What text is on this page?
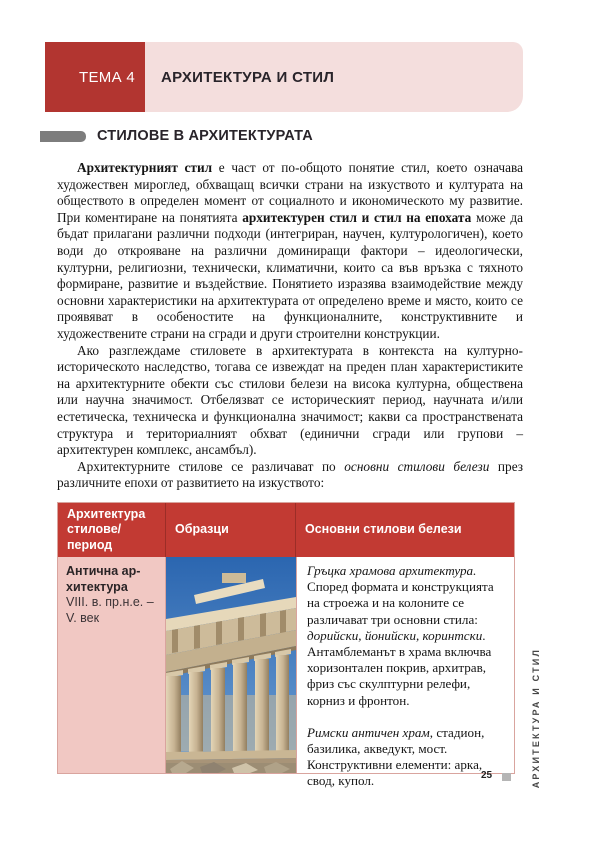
ТЕМА 4 АРХИТЕКТУРА И СТИЛ
СТИЛОВЕ В АРХИТЕКТУРАТА

Архитектурният стил е част от по-общото понятие стил, което означава художествен мироглед, обхващащ всички страни на изкуството и културата на обществото в определен момент от социалното и икономическото му развитие. При коментиране на понятията архитектурен стил и стил на епохата може да бъдат прилагани различни подходи (интегриран, научен, културологичен), което води до открояване на различни доминиращи фактори – идеологически, културни, религиозни, технически, климатични, които са във връзка с тяхното формиране, развитие и въздействие. Понятието изразява взаимодействие между основни характеристики на архитектурата от определено време и място, които се проявяват в особеностите на функционалните, конструктивните и художествените страни на сгради и други строителни конструкции.

Ако разглеждаме стиловете в архитектурата в контекста на културно-историческото наследство, тогава се извеждат на преден план характеристиките на архитектурните обекти със стилови белези на висока културна, обществена или научна значимост. Отбелязват се историческият период, научната и/или естетическа, техническа и функционална значимост; какви са пространствената структура и териториалният обхват (единични сгради или групови – архитектурен комплекс, ансамбъл).

Архитектурните стилове се различават по основни стилови белези през различните епохи от развитието на изкуството:

Архитектура
стилове/
период
Образци	Основни стилови белези
Антична ар-
хитектура
VIII. в. пр.н.е. –
V. век

Гръцка храмова архитектура. Според формата и конструкцията на строежа и на колоните се различават три основни стила: дорийски, йонийски, коринтски. Антамблеманът в храма включва хоризонтален покрив, архитрав, фриз със скулптурни релефи, корниз и фронтон.

Римски античен храм, стадион, базилика, акведукт, мост. Конструктивни елементи: арка, свод, купол.	АРХИТЕКТУРА И СТИЛ
25
